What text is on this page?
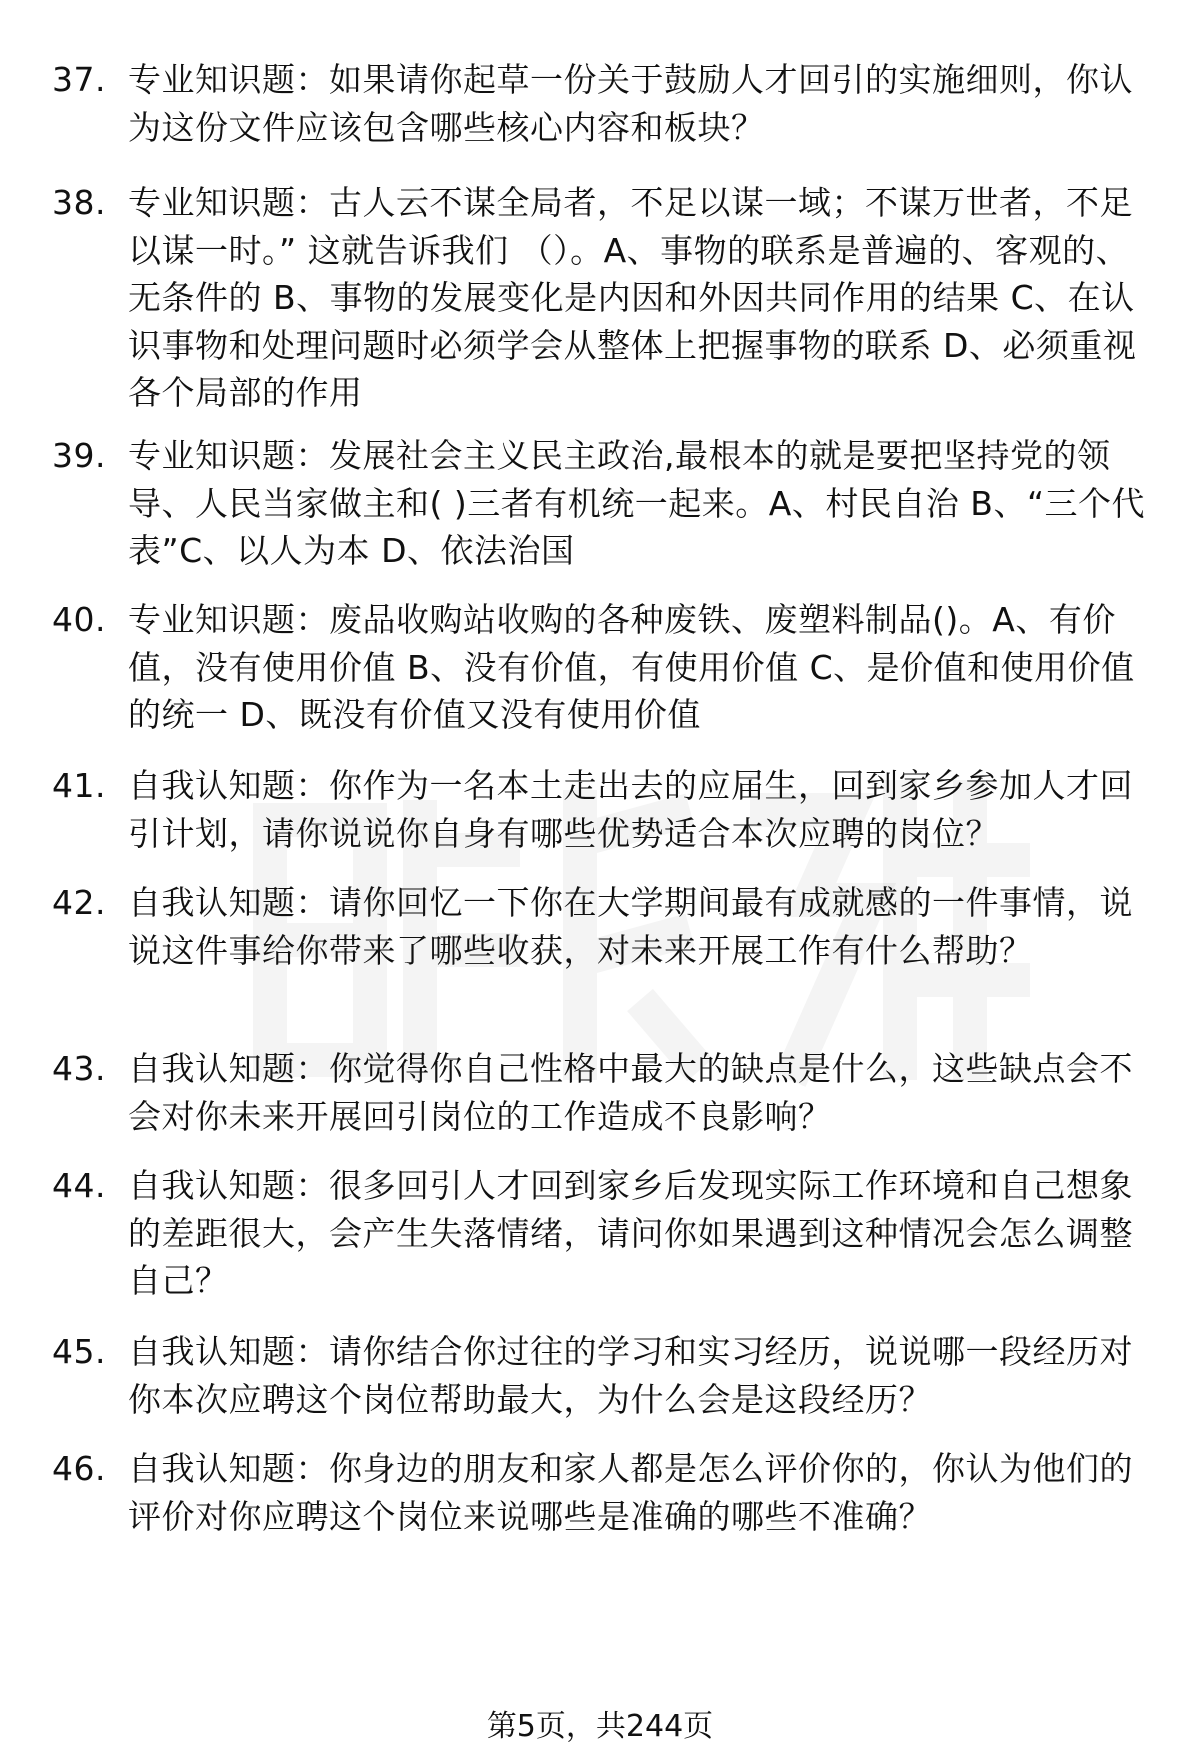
37. 专业知识题：如果请你起草一份关于鼓励人才回引的实施细则，你认为这份文件应该包含哪些核心内容和板块？
38. 专业知识题：古人云不谋全局者，不足以谋一域；不谋万世者，不足以谋一时。” 这就告诉我们 （）。A、事物的联系是普遍的、客观的、无条件的 B、事物的发展变化是内因和外因共同作用的结果 C、在认识事物和处理问题时必须学会从整体上把握事物的联系 D、必须重视各个局部的作用
39. 专业知识题：发展社会主义民主政治,最根本的就是要把坚持党的领导、人民当家做主和( )三者有机统一起来。A、村民自治 B、“三个代表”C、以人为本 D、依法治国
40. 专业知识题：废品收购站收购的各种废铁、废塑料制品()。A、有价值，没有使用价值 B、没有价值，有使用价值 C、是价值和使用价值的统一 D、既没有价值又没有使用价值
41. 自我认知题：你作为一名本土走出去的应届生，回到家乡参加人才回引计划，请你说说你自身有哪些优势适合本次应聘的岗位？
42. 自我认知题：请你回忆一下你在大学期间最有成就感的一件事情，说说这件事给你带来了哪些收获，对未来开展工作有什么帮助？
43. 自我认知题：你觉得你自己性格中最大的缺点是什么，这些缺点会不会对你未来开展回引岗位的工作造成不良影响？
44. 自我认知题：很多回引人才回到家乡后发现实际工作环境和自己想象的差距很大，会产生失落情绪，请问你如果遇到这种情况会怎么调整自己？
45. 自我认知题：请你结合你过往的学习和实习经历，说说哪一段经历对你本次应聘这个岗位帮助最大，为什么会是这段经历？
46. 自我认知题：你身边的朋友和家人都是怎么评价你的，你认为他们的评价对你应聘这个岗位来说哪些是准确的哪些不准确？
第5页，共244页
